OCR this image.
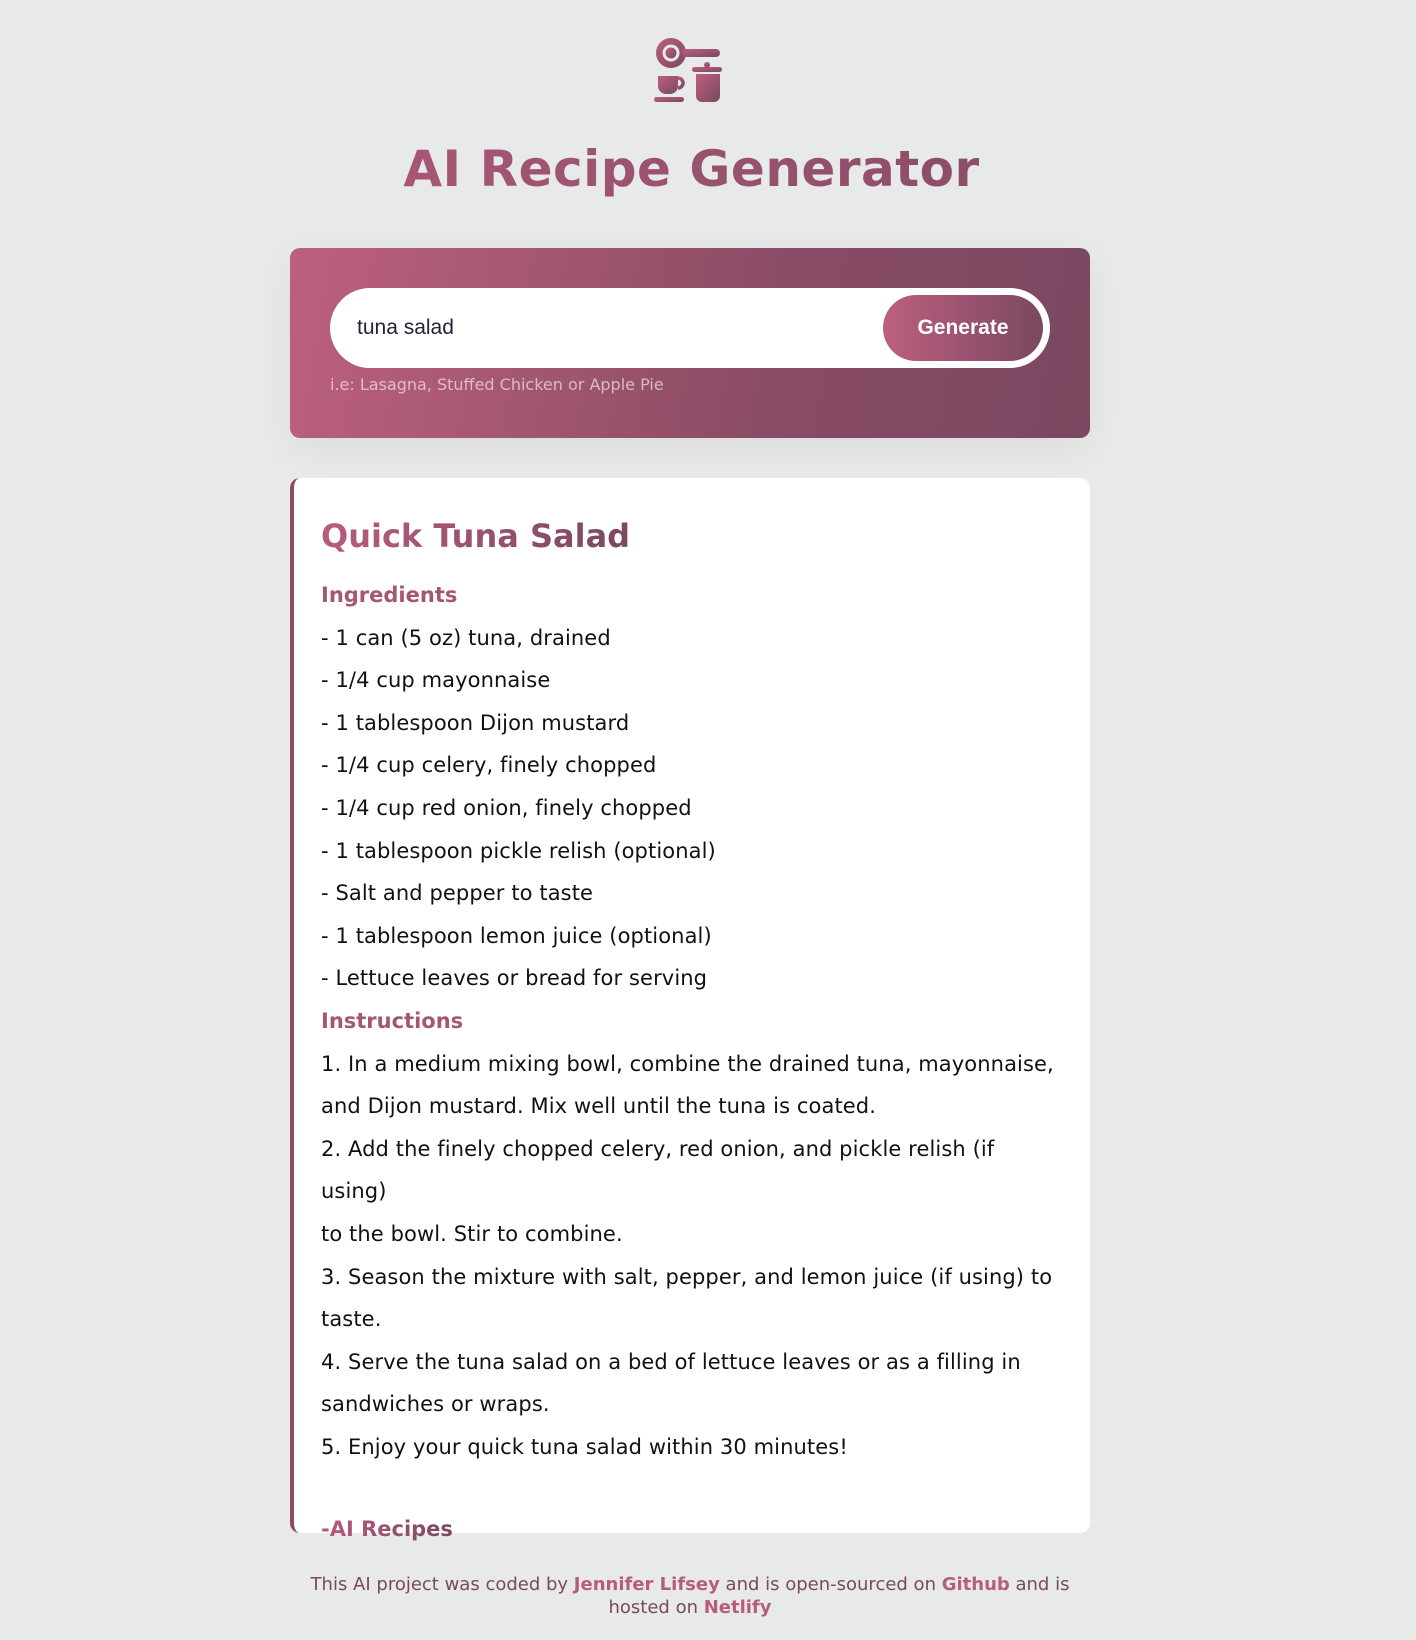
AI Recipe Generator
tuna salad
Generate
i.e: Lasagna, Stuffed Chicken or Apple Pie
Quick Tuna Salad
Ingredients
- 1 can (5 oz) tuna, drained
- 1/4 cup mayonnaise
- 1 tablespoon Dijon mustard
- 1/4 cup celery, finely chopped
- 1/4 cup red onion, finely chopped
- 1 tablespoon pickle relish (optional)
- Salt and pepper to taste
- 1 tablespoon lemon juice (optional)
- Lettuce leaves or bread for serving
Instructions
1. In a medium mixing bowl, combine the drained tuna, mayonnaise,
and Dijon mustard. Mix well until the tuna is coated.
2. Add the finely chopped celery, red onion, and pickle relish (if using)
to the bowl. Stir to combine.
3. Season the mixture with salt, pepper, and lemon juice (if using) to
taste.
4. Serve the tuna salad on a bed of lettuce leaves or as a filling in
sandwiches or wraps.
5. Enjoy your quick tuna salad within 30 minutes!
-AI Recipes
This AI project was coded by Jennifer Lifsey and is open-sourced on Github and is hosted on Netlify
